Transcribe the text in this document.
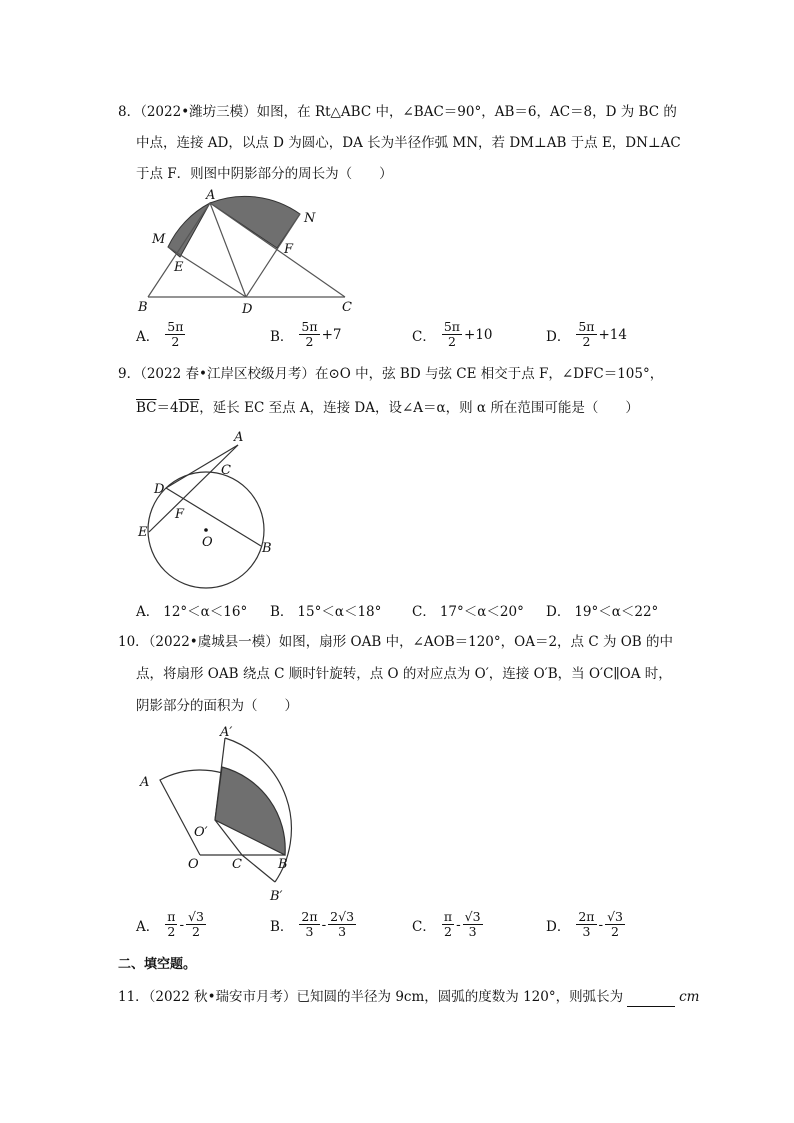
8．（2022•潍坊三模）如图，在 Rt△ABC 中，∠BAC＝90°，AB＝6，AC＝8，D 为 BC 的
中点，连接 AD，以点 D 为圆心，DA 长为半径作弧 MN，若 DM⊥AB 于点 E，DN⊥AC
于点 F．则图中阴影部分的周长为（　　）
A
M
N
E
F
B	D	C
A． $\frac{5\pi}{2}$	B． $\frac{5\pi}{2} +7$	C． $\frac{5\pi}{2} +10$	D． $\frac{5\pi}{2} +14$
9．（2022 春•江岸区校级月考）在⊙O 中，弦 BD 与弦 CE 相交于点 F，∠DFC＝105°，
$\overline{BC}=4\overline{DE}$，延长 EC 至点 A，连接 DA，设∠A＝α，则 α 所在范围可能是（　　）
A
C
D
F
E
O	B
A． 12°＜α＜16° B． 15°＜α＜18° C． 17°＜α＜20° D． 19°＜α＜22°
10．（2022•虞城县一模）如图，扇形 OAB 中，∠AOB＝120°，OA＝2，点 C 为 OB 的中
点，将扇形 OAB 绕点 C 顺时针旋转，点 O 的对应点为 O′，连接 O′B，当 O′C∥OA 时，
阴影部分的面积为（　　）
A′
A
O′
O	C	B
B′
A． $\frac{\pi}{2} - \frac{√3}{2}$	B． $\frac{2\pi}{3} - \frac{2√3}{3}$	C． $\frac{\pi}{2} - \frac{√3}{3}$	D． $\frac{2\pi}{3} - \frac{√3}{2}$
二、填空题。
11．（2022 秋•瑞安市月考）已知圆的半径为 9cm，圆弧的度数为 120°，则弧长为	cm
